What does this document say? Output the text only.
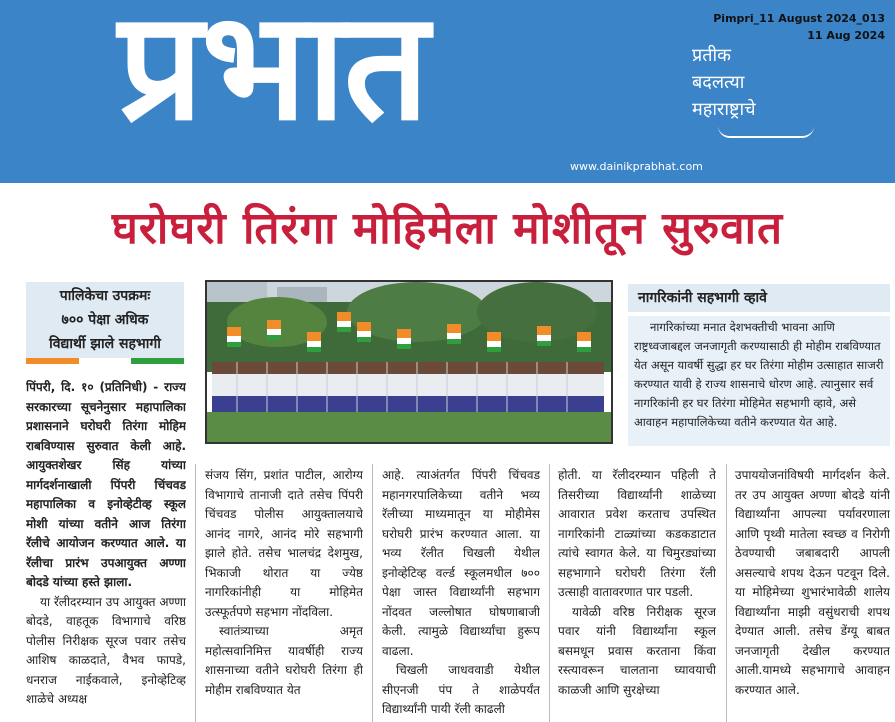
प्रभात	प्रतीक
बदलत्या
महाराष्ट्राचे
www.dainikprabhat.com
Pimpri_11 August 2024_013
11 Aug 2024
घरोघरी तिरंगा मोहिमेला मोशीतून सुरुवात
पालिकेचा उपक्रमः
७०० पेक्षा अधिक
विद्यार्थी झाले सहभागी
नागरिकांनी सहभागी व्हावे
नागरिकांच्या मनात देशभक्तीची भावना आणि राष्ट्रध्वजाबद्दल जनजागृती करण्यासाठी ही मोहीम राबविण्यात येत असून यावर्षी सुद्धा हर घर तिरंगा मोहीम उत्साहात साजरी करण्यात यावी हे राज्य शासनाचे धोरण आहे. त्यानुसार सर्व नागरिकांनी हर घर तिरंगा मोहिमेत सहभागी व्हावे, असे आवाहन महापालिकेच्या वतीने करण्यात येत आहे.

पिंपरी, दि. १० (प्रतिनिधी) - राज्य सरकारच्या सूचनेनुसार महापालिका प्रशासनाने घरोघरी तिरंगा मोहिम राबविण्यास सुरुवात केली आहे. आयुक्तशेखर सिंह यांच्या मार्गदर्शनाखाली पिंपरी चिंचवड महापालिका व इनोव्हेटीव्ह स्कूल मोशी यांच्या वतीने आज तिरंगा रॅलीचे आयोजन करण्यात आले. या रॅलीचा प्रारंभ उपआयुक्त अण्णा बोदडे यांच्या हस्ते झाला.

या रॅलीदरम्यान उप आयुक्त अण्णा बोदडे, वाहतूक विभागाचे वरिष्ठ पोलीस निरीक्षक सूरज पवार तसेच आशिष काळदाते, वैभव फापडे, धनराज नाईकवाले, इनोव्हेटिव्ह शाळेचे अध्यक्ष

संजय सिंग, प्रशांत पाटील, आरोग्य विभागाचे तानाजी दाते तसेच पिंपरी चिंचवड पोलीस आयुक्तालयाचे आनंद नागरे, आनंद मोरे सहभागी झाले होते. तसेच भालचंद्र देशमुख, भिकाजी थोरात या ज्येष्ठ नागरिकांनीही या मोहिमेत उत्स्फूर्तपणे सहभाग नोंदविला.

स्वातंत्र्याच्या अमृत महोत्सवानिमित्त यावर्षीही राज्य शासनाच्या वतीने घरोघरी तिरंगा ही मोहीम राबविण्यात येत

आहे. त्याअंतर्गत पिंपरी चिंचवड महानगरपालिकेच्या वतीने भव्य रॅलीच्या माध्यमातून या मोहीमेस घरोघरी प्रारंभ करण्यात आला. या भव्य रॅलीत चिखली येथील इनोव्हेटिव्ह वर्ल्ड स्कूलमधील ७०० पेक्षा जास्त विद्यार्थ्यांनी सहभाग नोंदवत जल्लोषात घोषणाबाजी केली. त्यामुळे विद्यार्थ्यांचा हुरूप वाढला.

चिखली जाधववाडी येथील सीएनजी पंप ते शाळेपर्यंत विद्यार्थ्यांनी पायी रॅली काढली

होती. या रॅलीदरम्यान पहिली ते तिसरीच्या विद्यार्थ्यांनी शाळेच्या आवारात प्रवेश करताच उपस्थित नागरिकांनी टाळ्यांच्या कडकडाटात त्यांचे स्वागत केले. या चिमुरड्यांच्या सहभागाने घरोघरी तिरंगा रॅली उत्साही वातावरणात पार पडली.

यावेळी वरिष्ठ निरीक्षक सूरज पवार यांनी विद्यार्थ्यांना स्कूल बसमधून प्रवास करताना किंवा रस्त्यावरून चालताना घ्यावयाची काळजी आणि सुरक्षेच्या

उपाययोजनांविषयी मार्गदर्शन केले. तर उप आयुक्त अण्णा बोदडे यांनी विद्यार्थ्यांना आपल्या पर्यावरणाला आणि पृथ्वी मातेला स्वच्छ व निरोगी ठेवण्याची जबाबदारी आपली असल्याचे शपथ देऊन पटवून दिले. या मोहिमेच्या शुभारंभावेळी शालेय विद्यार्थ्यांना माझी वसुंधराची शपथ देण्यात आली. तसेच डेंग्यू बाबत जनजागृती देखील करण्यात आली.यामध्ये सहभागाचे आवाहन करण्यात आले.
